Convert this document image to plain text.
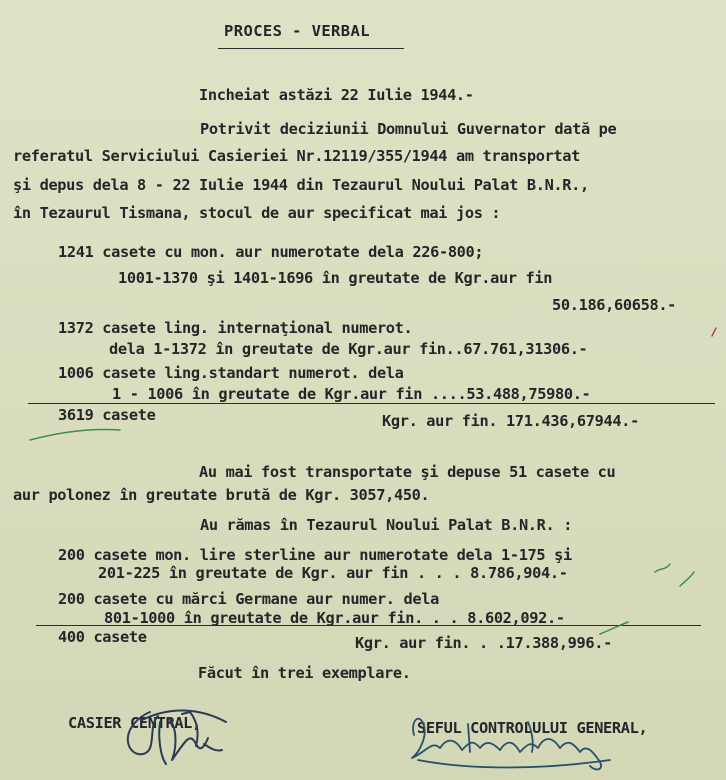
PROCES - VERBAL
Incheiat astăzi 22 Iulie 1944.-
Potrivit deciziunii Domnului Guvernator dată pe
referatul Serviciului Casieriei Nr.12119/355/1944 am transportat
şi depus dela 8 - 22 Iulie 1944 din Tezaurul Noului Palat B.N.R.,
în Tezaurul Tismana, stocul de aur specificat mai jos :
1241 casete cu mon. aur numerotate dela 226-800;
1001-1370 şi 1401-1696 în greutate de Kgr.aur fin
50.186,60658.-
1372 casete ling. internaţional numerot.
dela 1-1372 în greutate de Kgr.aur fin..67.761,31306.-
1006 casete ling.standart numerot. dela
1 - 1006 în greutate de Kgr.aur fin ....53.488,75980.-
3619 casete	Kgr. aur fin. 171.436,67944.-
Au mai fost transportate şi depuse 51 casete cu
aur polonez în greutate brută de Kgr. 3057,450.
Au rămas în Tezaurul Noului Palat B.N.R. :
200 casete mon. lire sterline aur numerotate dela 1-175 şi
201-225 în greutate de Kgr. aur fin . . . 8.786,904.-
200 casete cu mărci Germane aur numer. dela
801-1000 în greutate de Kgr.aur fin. . . 8.602,092.-
400 casete	Kgr. aur fin. . .17.388,996.-
Făcut în trei exemplare.
CASIER CENTRAL,	SEFUL CONTROLULUI GENERAL,
